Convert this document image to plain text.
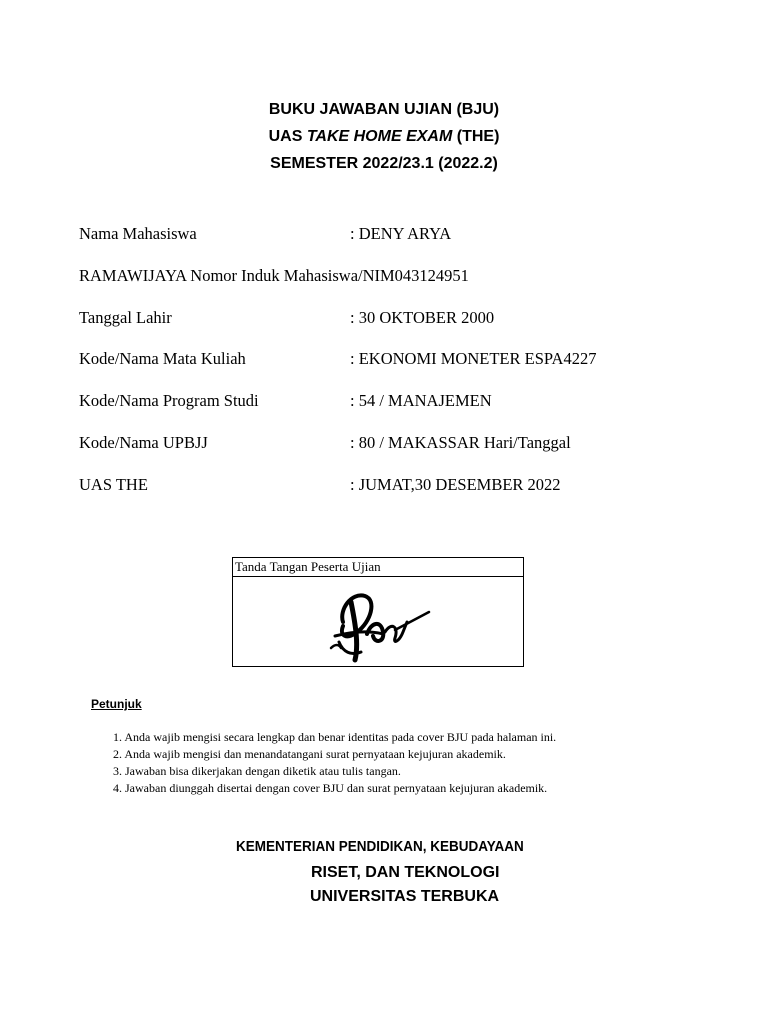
BUKU JAWABAN UJIAN (BJU)
UAS TAKE HOME EXAM (THE)
SEMESTER 2022/23.1 (2022.2)
Nama Mahasiswa	: DENY ARYA
RAMAWIJAYA Nomor Induk Mahasiswa/NIM043124951
Tanggal Lahir	: 30 OKTOBER 2000
Kode/Nama Mata Kuliah	: EKONOMI MONETER ESPA4227
Kode/Nama Program Studi	: 54 / MANAJEMEN
Kode/Nama UPBJJ	: 80 / MAKASSAR Hari/Tanggal
UAS THE	: JUMAT,30 DESEMBER 2022
Tanda Tangan Peserta Ujian
Petunjuk
1. Anda wajib mengisi secara lengkap dan benar identitas pada cover BJU pada halaman ini.
2. Anda wajib mengisi dan menandatangani surat pernyataan kejujuran akademik.
3. Jawaban bisa dikerjakan dengan diketik atau tulis tangan.
4. Jawaban diunggah disertai dengan cover BJU dan surat pernyataan kejujuran akademik.
KEMENTERIAN PENDIDIKAN, KEBUDAYAAN
RISET, DAN TEKNOLOGI
UNIVERSITAS TERBUKA
